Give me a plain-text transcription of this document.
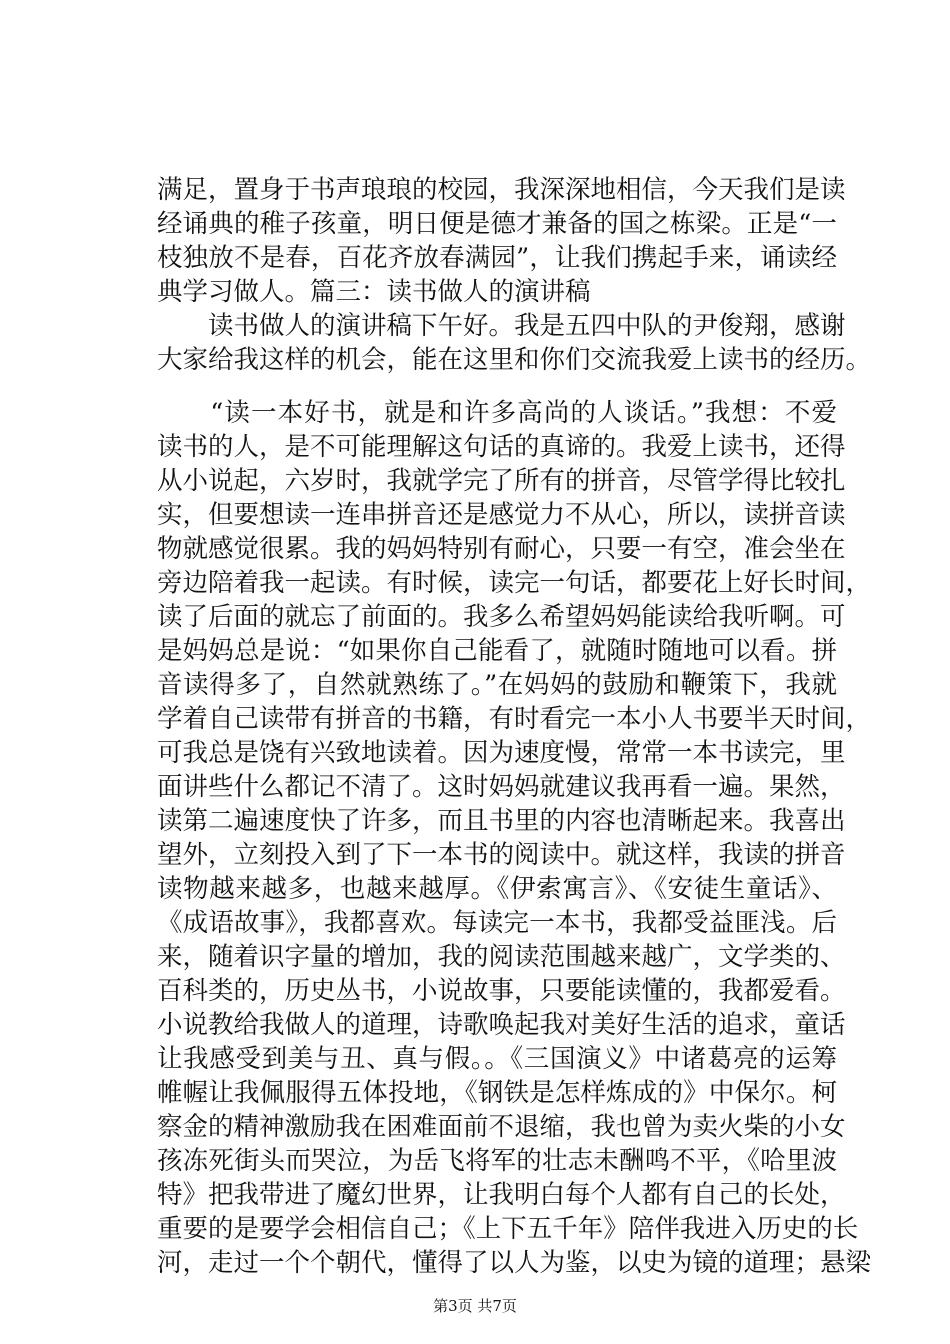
满足，置身于书声琅琅的校园，我深深地相信，今天我们是读
经诵典的稚子孩童，明日便是德才兼备的国之栋梁。正是“一
枝独放不是春，百花齐放春满园”，让我们携起手来，诵读经
典学习做人。篇三：读书做人的演讲稿
　　读书做人的演讲稿下午好。我是五四中队的尹俊翔，感谢
大家给我这样的机会，能在这里和你们交流我爱上读书的经历。
　　“读一本好书，就是和许多高尚的人谈话。”我想：不爱
读书的人，是不可能理解这句话的真谛的。我爱上读书，还得
从小说起，六岁时，我就学完了所有的拼音，尽管学得比较扎
实，但要想读一连串拼音还是感觉力不从心，所以，读拼音读
物就感觉很累。我的妈妈特别有耐心，只要一有空，准会坐在
旁边陪着我一起读。有时候，读完一句话，都要花上好长时间，
读了后面的就忘了前面的。我多么希望妈妈能读给我听啊。可
是妈妈总是说：“如果你自己能看了，就随时随地可以看。拼
音读得多了，自然就熟练了。”在妈妈的鼓励和鞭策下，我就
学着自己读带有拼音的书籍，有时看完一本小人书要半天时间，
可我总是饶有兴致地读着。因为速度慢，常常一本书读完，里
面讲些什么都记不清了。这时妈妈就建议我再看一遍。果然，
读第二遍速度快了许多，而且书里的内容也清晰起来。我喜出
望外，立刻投入到了下一本书的阅读中。就这样，我读的拼音
读物越来越多，也越来越厚。《伊索寓言》、《安徒生童话》、
《成语故事》，我都喜欢。每读完一本书，我都受益匪浅。后
来，随着识字量的增加，我的阅读范围越来越广，文学类的、
百科类的，历史丛书，小说故事，只要能读懂的，我都爱看。
小说教给我做人的道理，诗歌唤起我对美好生活的追求，童话
让我感受到美与丑、真与假。。《三国演义》中诸葛亮的运筹
帷幄让我佩服得五体投地，《钢铁是怎样炼成的》中保尔。柯
察金的精神激励我在困难面前不退缩，我也曾为卖火柴的小女
孩冻死街头而哭泣，为岳飞将军的壮志未酬鸣不平，《哈里波
特》把我带进了魔幻世界，让我明白每个人都有自己的长处，
重要的是要学会相信自己；《上下五千年》陪伴我进入历史的长
河，走过一个个朝代，懂得了以人为鉴，以史为镜的道理；悬梁
第3页 共7页
